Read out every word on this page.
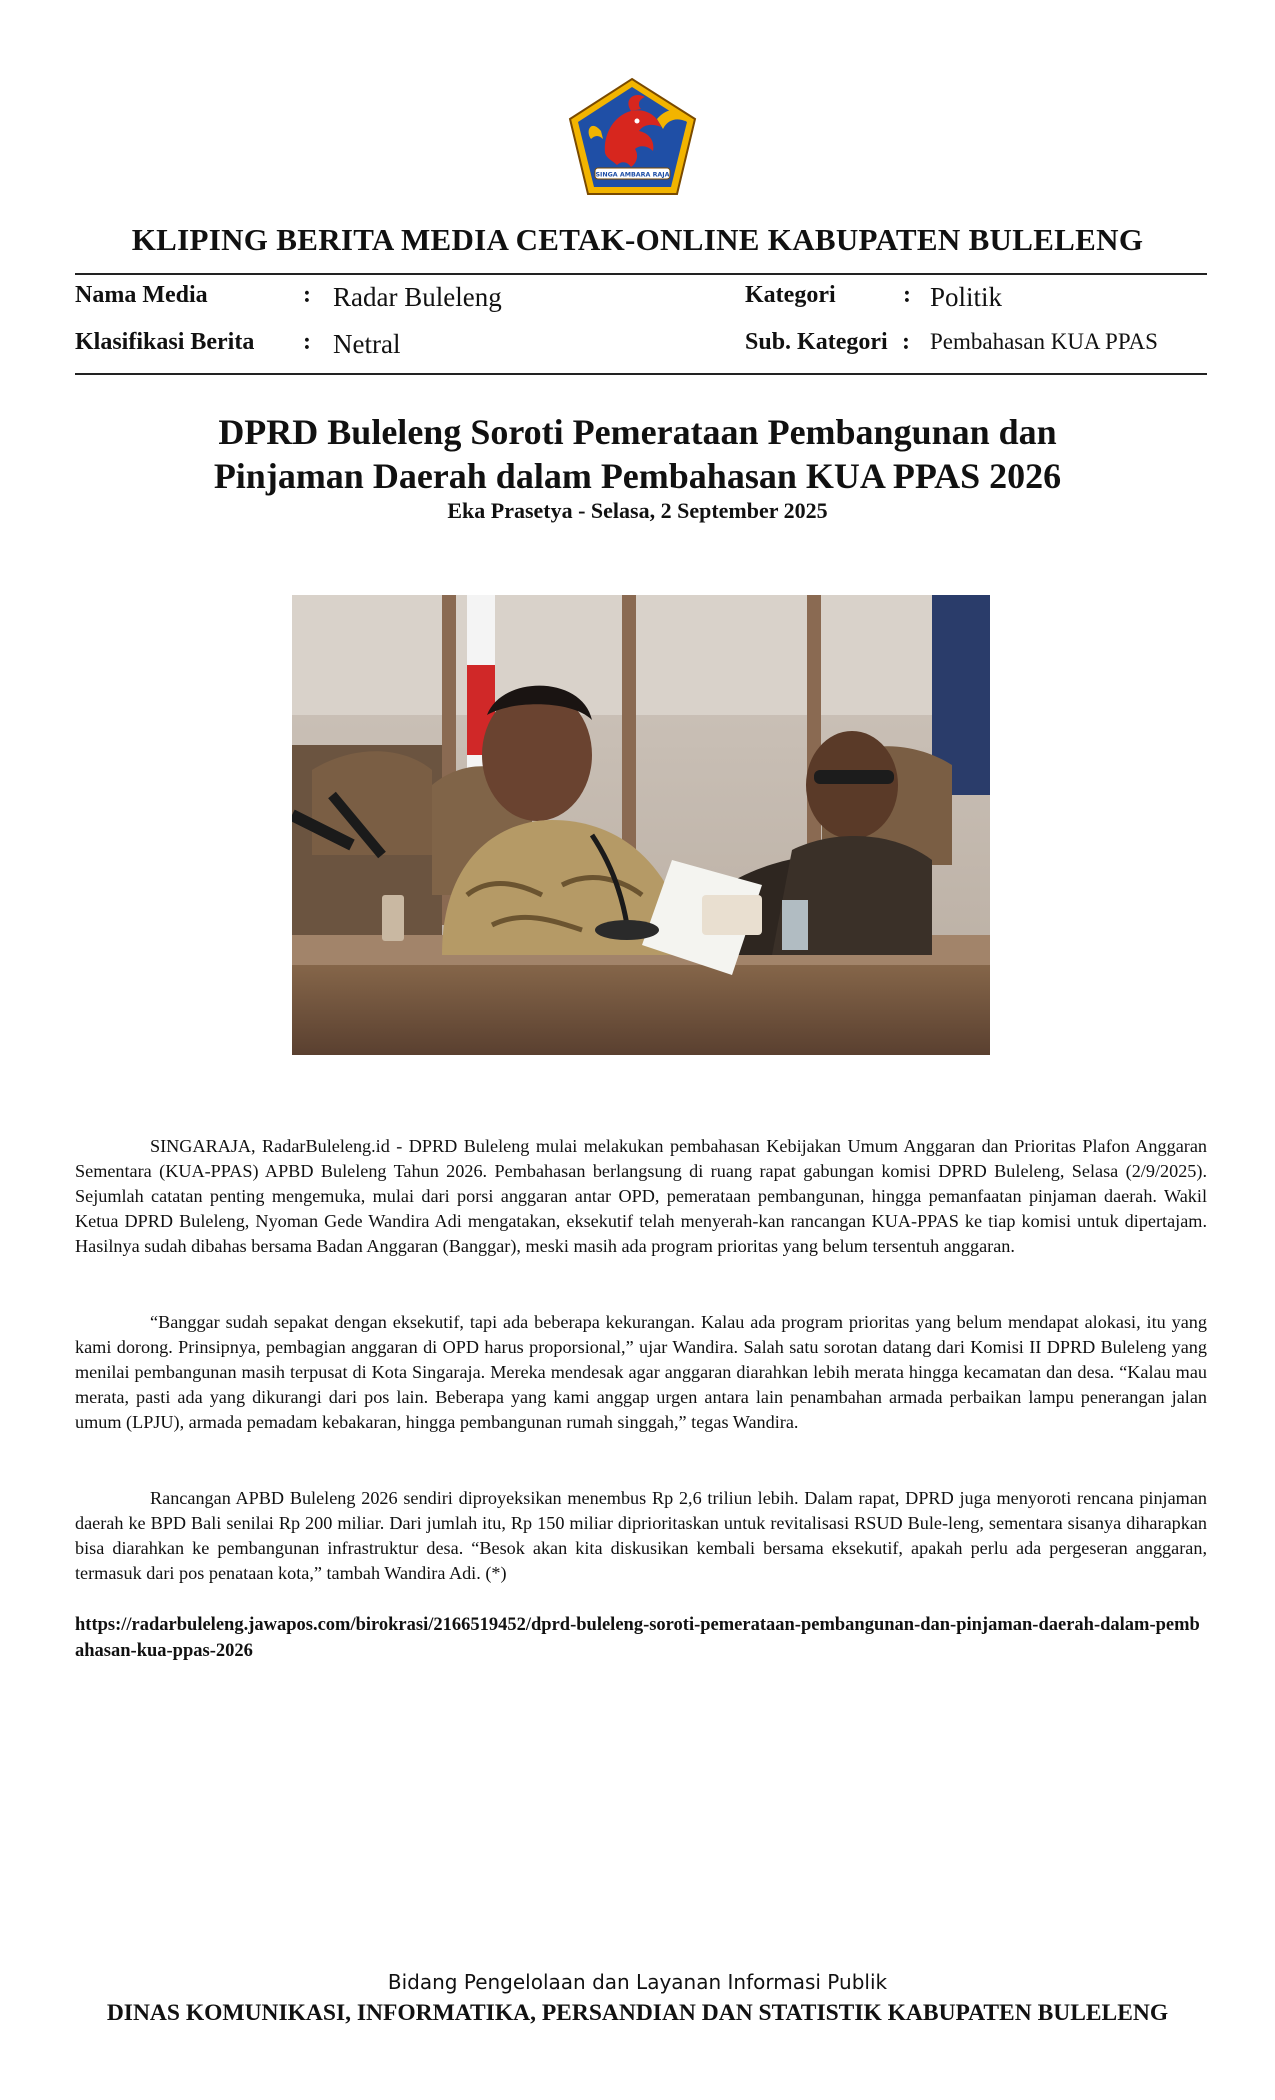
SINGA AMBARA RAJA
KLIPING BERITA MEDIA CETAK-ONLINE KABUPATEN BULELENG
Nama Media	: Radar Buleleng	Kategori	: Politik
Klasifikasi Berita : Netral	Sub. Kategori : Pembahasan KUA PPAS
DPRD Buleleng Soroti Pemerataan Pembangunan dan
Pinjaman Daerah dalam Pembahasan KUA PPAS 2026
Eka Prasetya - Selasa, 2 September 2025

SINGARAJA, RadarBuleleng.id - DPRD Buleleng mulai melakukan pembahasan Kebijakan Umum Anggaran dan Prioritas Plafon Anggaran Sementara (KUA-PPAS) APBD Buleleng Tahun 2026. Pembahasan berlangsung di ruang rapat gabungan komisi DPRD Buleleng, Selasa (2/9/2025). Sejumlah catatan penting mengemuka, mulai dari porsi anggaran antar OPD, pemerataan pembangunan, hingga pemanfaatan pinjaman daerah. Wakil Ketua DPRD Buleleng, Nyoman Gede Wandira Adi mengatakan, eksekutif telah menyerah-kan rancangan KUA-PPAS ke tiap komisi untuk dipertajam. Hasilnya sudah dibahas bersama Badan Anggaran (Banggar), meski masih ada program prioritas yang belum tersentuh anggaran.

“Banggar sudah sepakat dengan eksekutif, tapi ada beberapa kekurangan. Kalau ada program prioritas yang belum mendapat alokasi, itu yang kami dorong. Prinsipnya, pembagian anggaran di OPD harus proporsional,” ujar Wandira. Salah satu sorotan datang dari Komisi II DPRD Buleleng yang menilai pembangunan masih terpusat di Kota Singaraja. Mereka mendesak agar anggaran diarahkan lebih merata hingga kecamatan dan desa. “Kalau mau merata, pasti ada yang dikurangi dari pos lain. Beberapa yang kami anggap urgen antara lain penambahan armada perbaikan lampu penerangan jalan umum (LPJU), armada pemadam kebakaran, hingga pembangunan rumah singgah,” tegas Wandira.

Rancangan APBD Buleleng 2026 sendiri diproyeksikan menembus Rp 2,6 triliun lebih. Dalam rapat, DPRD juga menyoroti rencana pinjaman daerah ke BPD Bali senilai Rp 200 miliar. Dari jumlah itu, Rp 150 miliar diprioritaskan untuk revitalisasi RSUD Bule-leng, sementara sisanya diharapkan bisa diarahkan ke pembangunan infrastruktur desa. “Besok akan kita diskusikan kembali bersama eksekutif, apakah perlu ada pergeseran anggaran, termasuk dari pos penataan kota,” tambah Wandira Adi. (*)

https://radarbuleleng.jawapos.com/birokrasi/2166519452/dprd-buleleng-soroti-pemerataan-pembangunan-dan-pinjaman-daerah-dalam-pembahasan-kua-ppas-2026
Bidang Pengelolaan dan Layanan Informasi Publik
DINAS KOMUNIKASI, INFORMATIKA, PERSANDIAN DAN STATISTIK KABUPATEN BULELENG
